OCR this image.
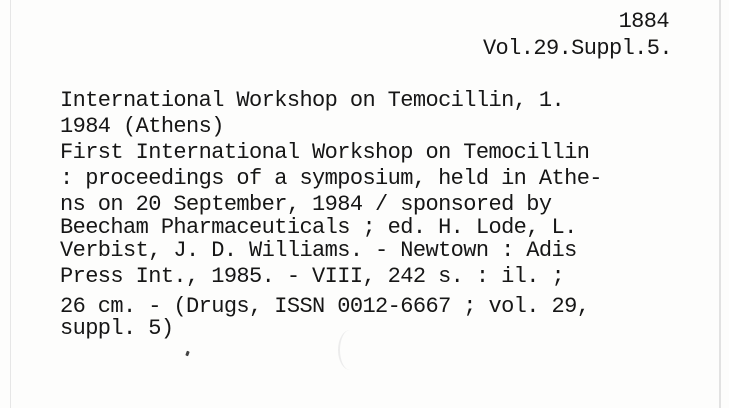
1884
Vol.29.Suppl.5.
International Workshop on Temocillin, 1.
1984 (Athens)
First International Workshop on Temocillin
: proceedings of a symposium, held in Athe-
ns on 20 September, 1984 / sponsored by
Beecham Pharmaceuticals ; ed. H. Lode, L.
Verbist, J. D. Williams. - Newtown : Adis
Press Int., 1985. - VIII, 242 s. : il. ;
26 cm. - (Drugs, ISSN 0012-6667 ; vol. 29,
suppl. 5)
